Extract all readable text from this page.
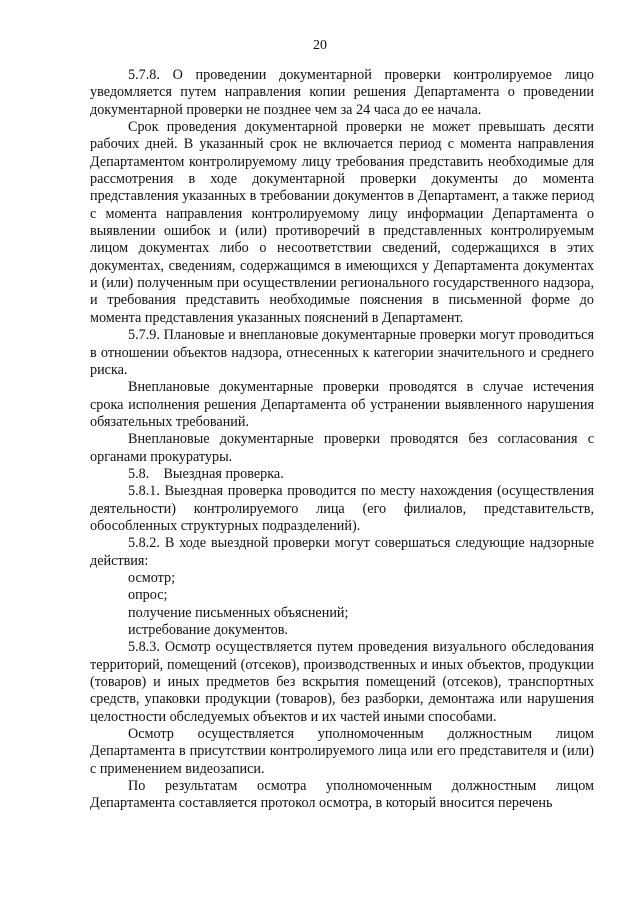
20

5.7.8. О проведении документарной проверки контролируемое лицо уведомляется путем направления копии решения Департамента о проведении документарной проверки не позднее чем за 24 часа до ее начала.

Срок проведения документарной проверки не может превышать десяти рабочих дней. В указанный срок не включается период с момента направления Департаментом контролируемому лицу требования представить необходимые для рассмотрения в ходе документарной проверки документы до момента представления указанных в требовании документов в Департамент, а также период с момента направления контролируемому лицу информации Департамента о выявлении ошибок и (или) противоречий в представленных контролируемым лицом документах либо о несоответствии сведений, содержащихся в этих документах, сведениям, содержащимся в имеющихся у Департамента документах и (или) полученным при осуществлении регионального государственного надзора, и требования представить необходимые пояснения в письменной форме до момента представления указанных пояснений в Департамент.

5.7.9. Плановые и внеплановые документарные проверки могут проводиться в отношении объектов надзора, отнесенных к категории значительного и среднего риска.

Внеплановые документарные проверки проводятся в случае истечения срока исполнения решения Департамента об устранении выявленного нарушения обязательных требований.

Внеплановые документарные проверки проводятся без согласования с органами прокуратуры.

5.8.    Выездная проверка.

5.8.1. Выездная проверка проводится по месту нахождения (осуществления деятельности) контролируемого лица (его филиалов, представительств, обособленных структурных подразделений).

5.8.2. В ходе выездной проверки могут совершаться следующие надзорные действия:

осмотр;

опрос;

получение письменных объяснений;

истребование документов.

5.8.3. Осмотр осуществляется путем проведения визуального обследования территорий, помещений (отсеков), производственных и иных объектов, продукции (товаров) и иных предметов без вскрытия помещений (отсеков), транспортных средств, упаковки продукции (товаров), без разборки, демонтажа или нарушения целостности обследуемых объектов и их частей иными способами.

Осмотр осуществляется уполномоченным должностным лицом Департамента в присутствии контролируемого лица или его представителя и (или) с применением видеозаписи.

По результатам осмотра уполномоченным должностным лицом Департамента составляется протокол осмотра, в который вносится перечень
